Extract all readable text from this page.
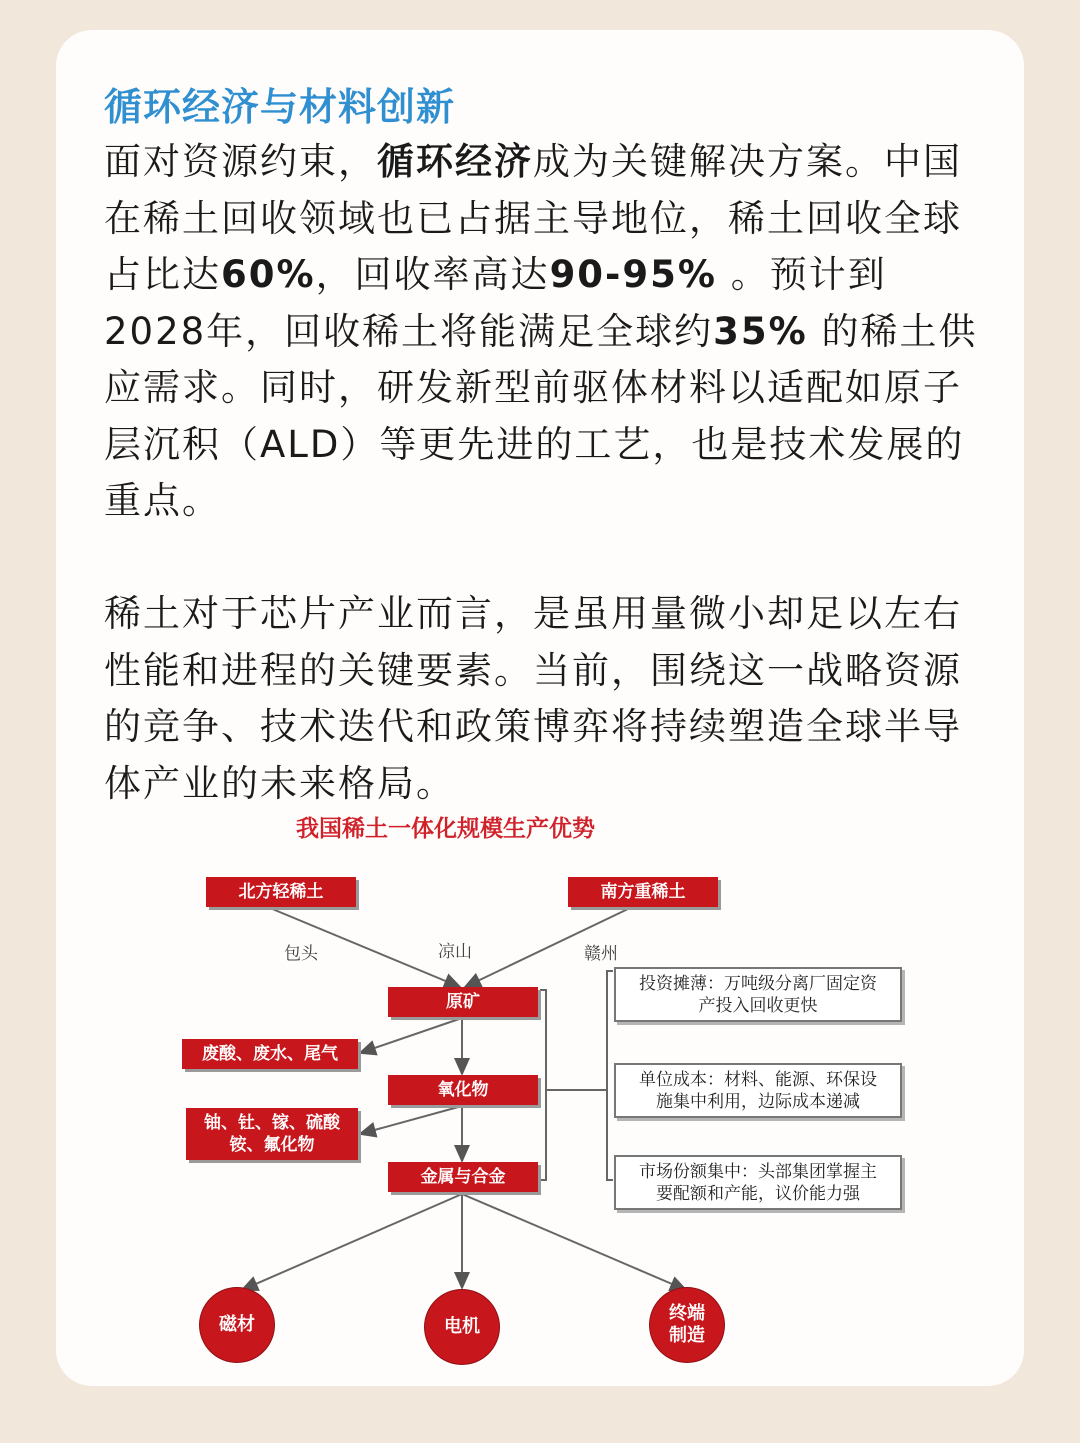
循环经济与材料创新

面对资源约束，循环经济成为关键解决方案。中国在稀土回收领域也已占据主导地位，稀土回收全球占比达60%，回收率高达90-95% 。预计到2028年，回收稀土将能满足全球约35% 的稀土供应需求。同时，研发新型前驱体材料以适配如原子层沉积（ALD）等更先进的工艺，也是技术发展的重点。

稀土对于芯片产业而言，是虽用量微小却足以左右性能和进程的关键要素。当前，围绕这一战略资源的竞争、技术迭代和政策博弈将持续塑造全球半导体产业的未来格局。

我国稀土一体化规模生产优势
北方轻稀土	南方重稀土
包头	凉山	赣州
原矿
废酸、废水、尾气
氧化物
铀、钍、镓、硫酸
铵、氟化物
金属与合金
投资摊薄：万吨级分离厂固定资
产投入回收更快
单位成本：材料、能源、环保设
施集中利用，边际成本递减
市场份额集中：头部集团掌握主
要配额和产能，议价能力强
磁材	电机
终端
制造
